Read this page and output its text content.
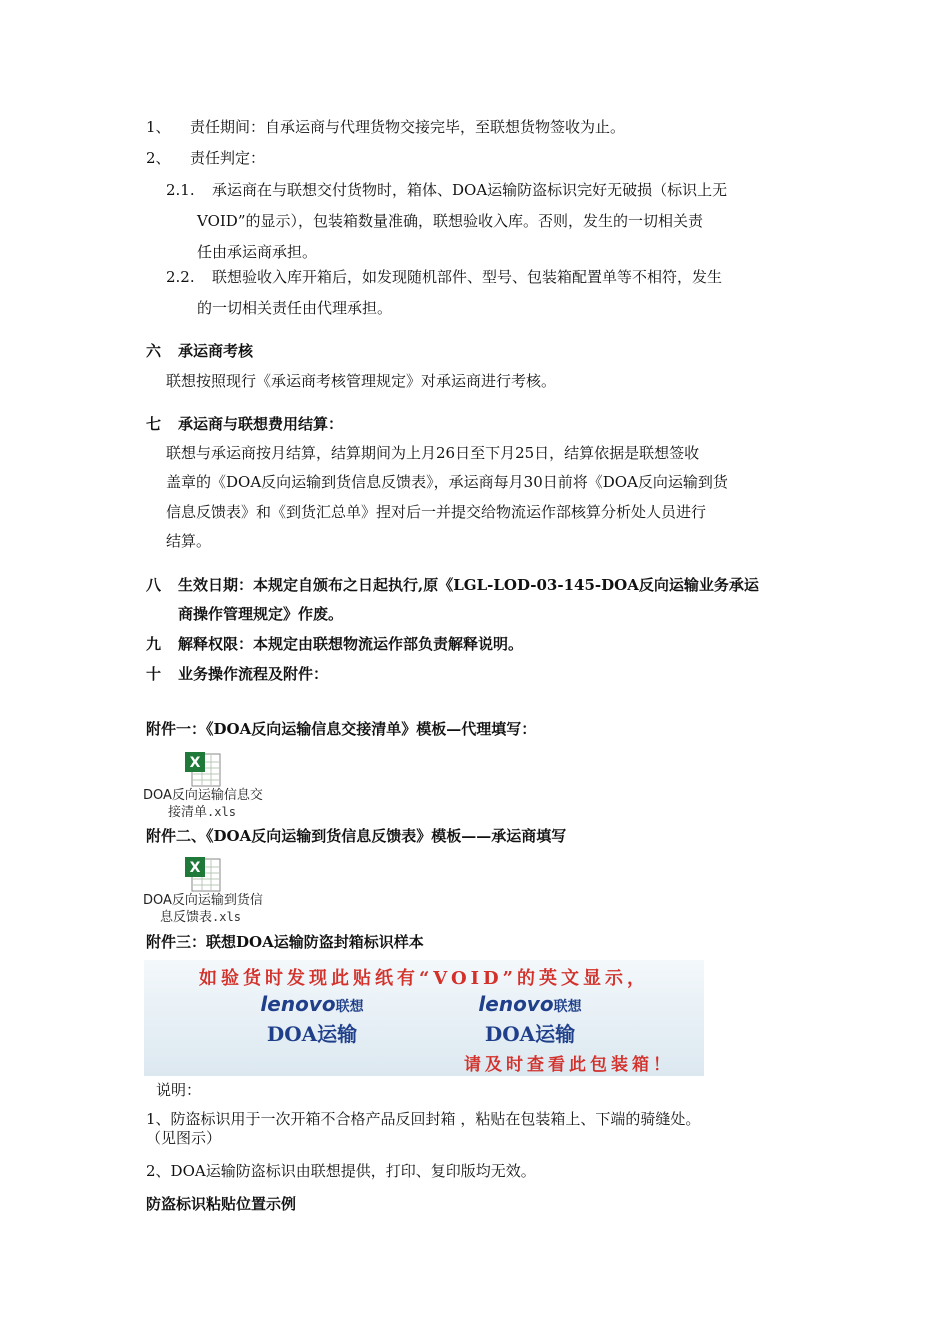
1、 责任期间：自承运商与代理货物交接完毕，至联想货物签收为止。
2、 责任判定：
2.1. 承运商在与联想交付货物时，箱体、DOA运输防盗标识完好无破损（标识上无
VOID”的显示），包装箱数量准确，联想验收入库。否则，发生的一切相关责
任由承运商承担。
2.2. 联想验收入库开箱后，如发现随机部件、型号、包装箱配置单等不相符，发生
的一切相关责任由代理承担。
六 承运商考核
联想按照现行《承运商考核管理规定》对承运商进行考核。
七 承运商与联想费用结算：
联想与承运商按月结算，结算期间为上月26日至下月25日，结算依据是联想签收
盖章的《DOA反向运输到货信息反馈表》，承运商每月30日前将《DOA反向运输到货
信息反馈表》和《到货汇总单》捏对后一并提交给物流运作部核算分析处人员进行
结算。
八 生效日期：本规定自颁布之日起执行,原《LGL-LOD-03-145-DOA反向运输业务承运
商操作管理规定》作废。
九 解释权限：本规定由联想物流运作部负责解释说明。
十 业务操作流程及附件：
附件一：《DOA反向运输信息交接清单》模板—代理填写：
X
DOA反向运输信息交
接清单.xls
附件二、《DOA反向运输到货信息反馈表》模板——承运商填写
X
DOA反向运输到货信
息反馈表.xls
附件三：联想DOA运输防盗封箱标识样本
如验货时发现此贴纸有“VOID”的英文显示，
lenovo联想
DOA运输
lenovo联想
DOA运输
请及时查看此包装箱！
说明：
1、防盗标识用于一次开箱不合格产品反回封箱 ，粘贴在包装箱上、下端的骑缝处。
（见图示）
2、DOA运输防盗标识由联想提供，打印、复印版均无效。
防盗标识粘贴位置示例
